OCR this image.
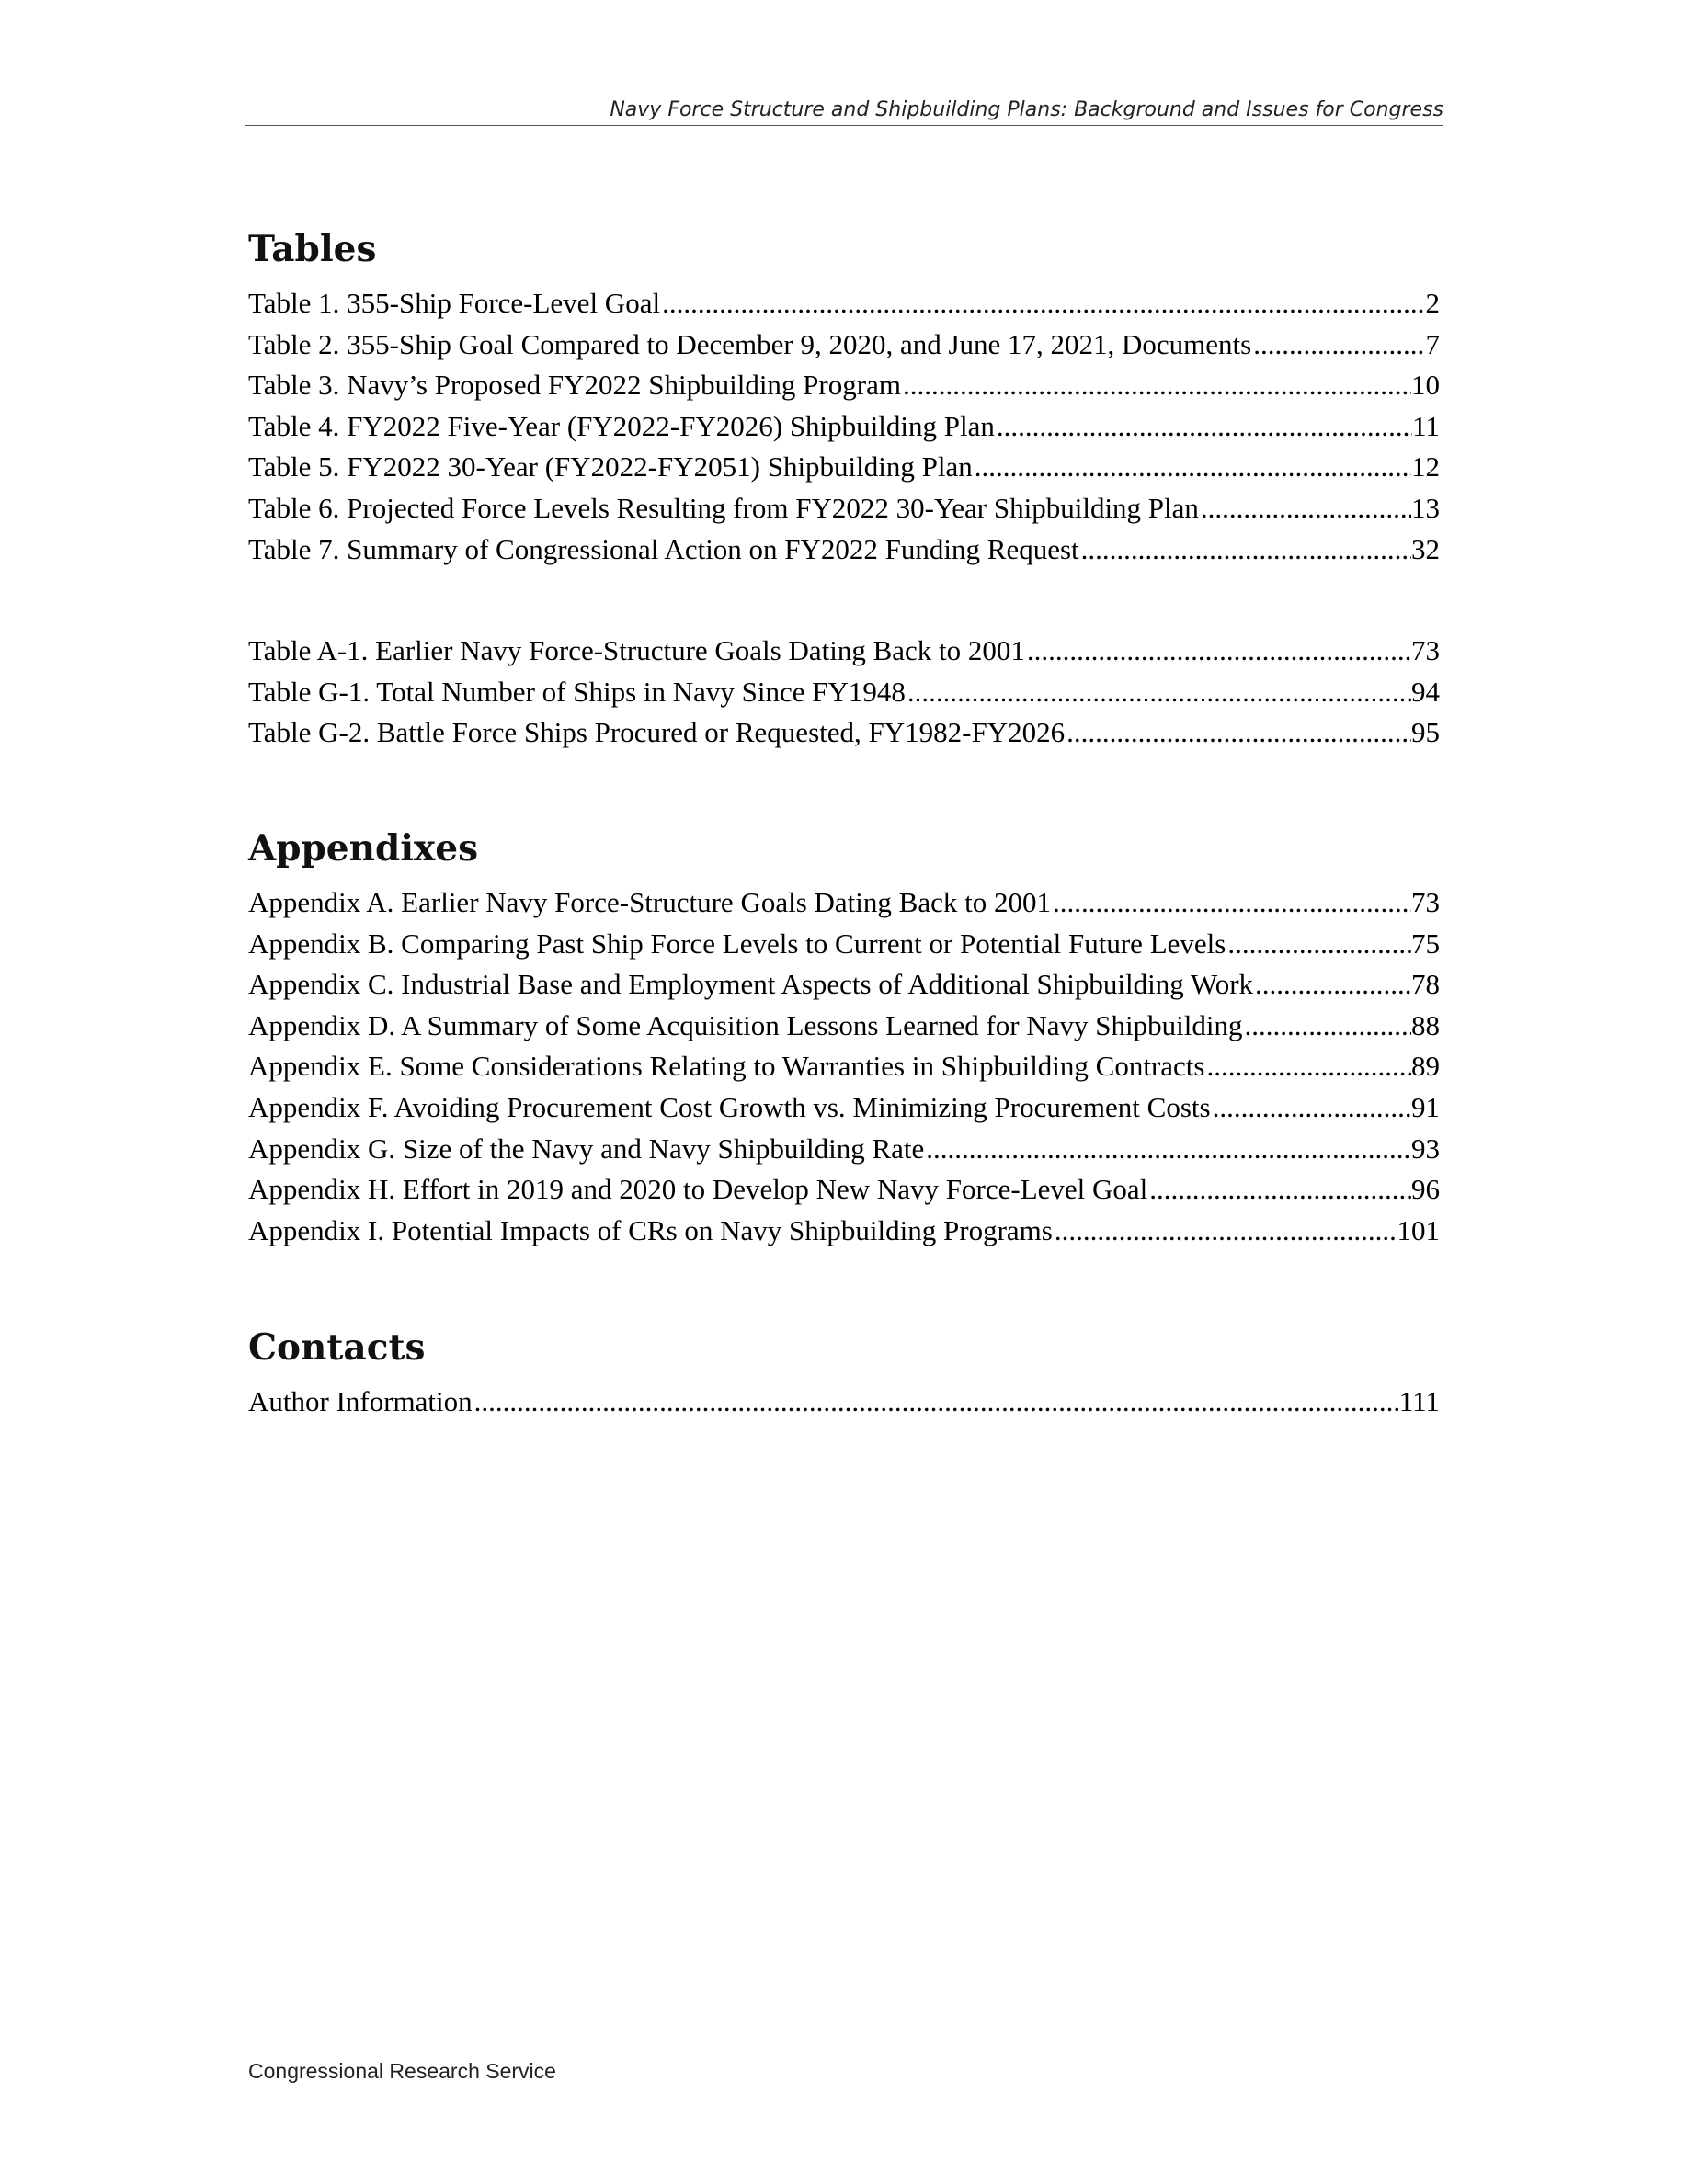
Navy Force Structure and Shipbuilding Plans: Background and Issues for Congress
Tables
Table 1. 355-Ship Force-Level Goal .....	2
Table 2. 355-Ship Goal Compared to December 9, 2020, and June 17, 2021, Documents .....	7
Table 3. Navy’s Proposed FY2022 Shipbuilding Program .....	10
Table 4. FY2022 Five-Year (FY2022-FY2026) Shipbuilding Plan .....	11
Table 5. FY2022 30-Year (FY2022-FY2051) Shipbuilding Plan .....	12
Table 6. Projected Force Levels Resulting from FY2022 30-Year Shipbuilding Plan .....	13
Table 7. Summary of Congressional Action on FY2022 Funding Request .....	32
Table A-1. Earlier Navy Force-Structure Goals Dating Back to 2001 .....	73
Table G-1. Total Number of Ships in Navy Since FY1948 .....	94
Table G-2. Battle Force Ships Procured or Requested, FY1982-FY2026 .....	95
Appendixes
Appendix A. Earlier Navy Force-Structure Goals Dating Back to 2001 .....	73
Appendix B. Comparing Past Ship Force Levels to Current or Potential Future Levels .....	75
Appendix C. Industrial Base and Employment Aspects of Additional Shipbuilding Work .....	78
Appendix D. A Summary of Some Acquisition Lessons Learned for Navy Shipbuilding .....	88
Appendix E. Some Considerations Relating to Warranties in Shipbuilding Contracts .....	89
Appendix F. Avoiding Procurement Cost Growth vs. Minimizing Procurement Costs .....	91
Appendix G. Size of the Navy and Navy Shipbuilding Rate .....	93
Appendix H. Effort in 2019 and 2020 to Develop New Navy Force-Level Goal .....	96
Appendix I. Potential Impacts of CRs on Navy Shipbuilding Programs .....	101
Contacts
Author Information .....	111
Congressional Research Service
